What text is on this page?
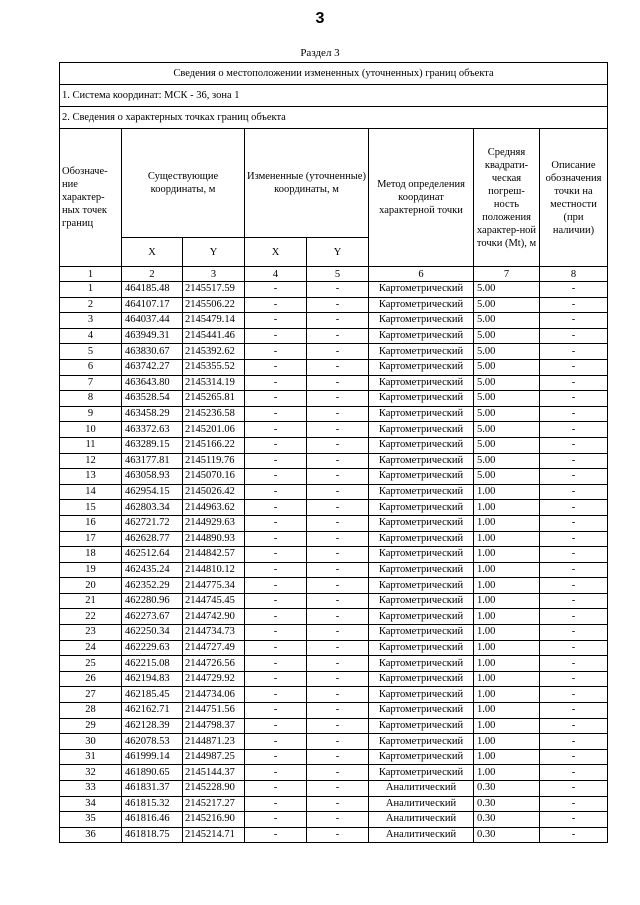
3
Раздел 3
Сведения о местоположении измененных (уточненных) границ объекта							
1. Система координат: МСК - 36, зона 1							
2. Сведения о характерных точках границ объекта							
Обозначе-ние характер-ных точек границ	Существующие координаты, м		Измененные (уточненные) координаты, м		Метод определения координат характерной точки	Средняя квадрати-ческая погреш-ность положения характер-ной точки (Mt), м	Описание обозначения точки на местности (при наличии)
	X	Y	X	Y			
1	2	3	4	5	6	7	8
1	464185.48	2145517.59	-	-	Картометрический	5.00	-
2	464107.17	2145506.22	-	-	Картометрический	5.00	-
3	464037.44	2145479.14	-	-	Картометрический	5.00	-
4	463949.31	2145441.46	-	-	Картометрический	5.00	-
5	463830.67	2145392.62	-	-	Картометрический	5.00	-
6	463742.27	2145355.52	-	-	Картометрический	5.00	-
7	463643.80	2145314.19	-	-	Картометрический	5.00	-
8	463528.54	2145265.81	-	-	Картометрический	5.00	-
9	463458.29	2145236.58	-	-	Картометрический	5.00	-
10	463372.63	2145201.06	-	-	Картометрический	5.00	-
11	463289.15	2145166.22	-	-	Картометрический	5.00	-
12	463177.81	2145119.76	-	-	Картометрический	5.00	-
13	463058.93	2145070.16	-	-	Картометрический	5.00	-
14	462954.15	2145026.42	-	-	Картометрический	1.00	-
15	462803.34	2144963.62	-	-	Картометрический	1.00	-
16	462721.72	2144929.63	-	-	Картометрический	1.00	-
17	462628.77	2144890.93	-	-	Картометрический	1.00	-
18	462512.64	2144842.57	-	-	Картометрический	1.00	-
19	462435.24	2144810.12	-	-	Картометрический	1.00	-
20	462352.29	2144775.34	-	-	Картометрический	1.00	-
21	462280.96	2144745.45	-	-	Картометрический	1.00	-
22	462273.67	2144742.90	-	-	Картометрический	1.00	-
23	462250.34	2144734.73	-	-	Картометрический	1.00	-
24	462229.63	2144727.49	-	-	Картометрический	1.00	-
25	462215.08	2144726.56	-	-	Картометрический	1.00	-
26	462194.83	2144729.92	-	-	Картометрический	1.00	-
27	462185.45	2144734.06	-	-	Картометрический	1.00	-
28	462162.71	2144751.56	-	-	Картометрический	1.00	-
29	462128.39	2144798.37	-	-	Картометрический	1.00	-
30	462078.53	2144871.23	-	-	Картометрический	1.00	-
31	461999.14	2144987.25	-	-	Картометрический	1.00	-
32	461890.65	2145144.37	-	-	Картометрический	1.00	-
33	461831.37	2145228.90	-	-	Аналитический	0.30	-
34	461815.32	2145217.27	-	-	Аналитический	0.30	-
35	461816.46	2145216.90	-	-	Аналитический	0.30	-
36	461818.75	2145214.71	-	-	Аналитический	0.30	-
